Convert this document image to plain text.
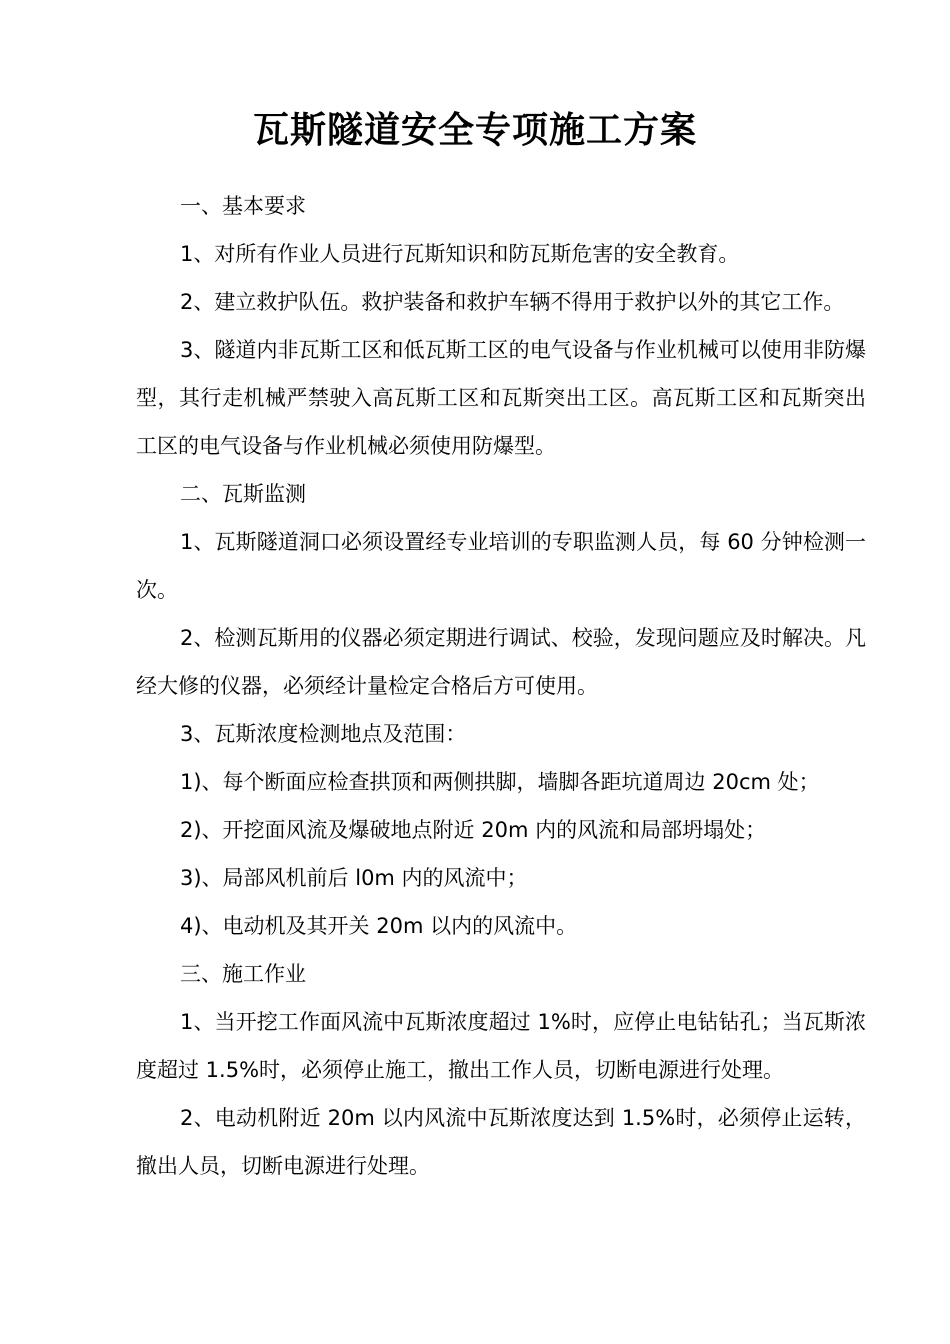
瓦斯隧道安全专项施工方案

一、基本要求

1、对所有作业人员进行瓦斯知识和防瓦斯危害的安全教育。

2、建立救护队伍。救护装备和救护车辆不得用于救护以外的其它工作。

3、隧道内非瓦斯工区和低瓦斯工区的电气设备与作业机械可以使用非防爆型，其行走机械严禁驶入高瓦斯工区和瓦斯突出工区。高瓦斯工区和瓦斯突出工区的电气设备与作业机械必须使用防爆型。

二、瓦斯监测

1、瓦斯隧道洞口必须设置经专业培训的专职监测人员，每 60 分钟检测一次。

2、检测瓦斯用的仪器必须定期进行调试、校验，发现问题应及时解决。凡经大修的仪器，必须经计量检定合格后方可使用。

3、瓦斯浓度检测地点及范围：

1)、每个断面应检查拱顶和两侧拱脚，墙脚各距坑道周边 20cm 处；

2)、开挖面风流及爆破地点附近 20m 内的风流和局部坍塌处；

3)、局部风机前后 l0m 内的风流中；

4)、电动机及其开关 20m 以内的风流中。

三、施工作业

1、当开挖工作面风流中瓦斯浓度超过 1%时，应停止电钻钻孔；当瓦斯浓度超过 1.5%时，必须停止施工，撤出工作人员，切断电源进行处理。

2、电动机附近 20m 以内风流中瓦斯浓度达到 1.5%时，必须停止运转，撤出人员，切断电源进行处理。
